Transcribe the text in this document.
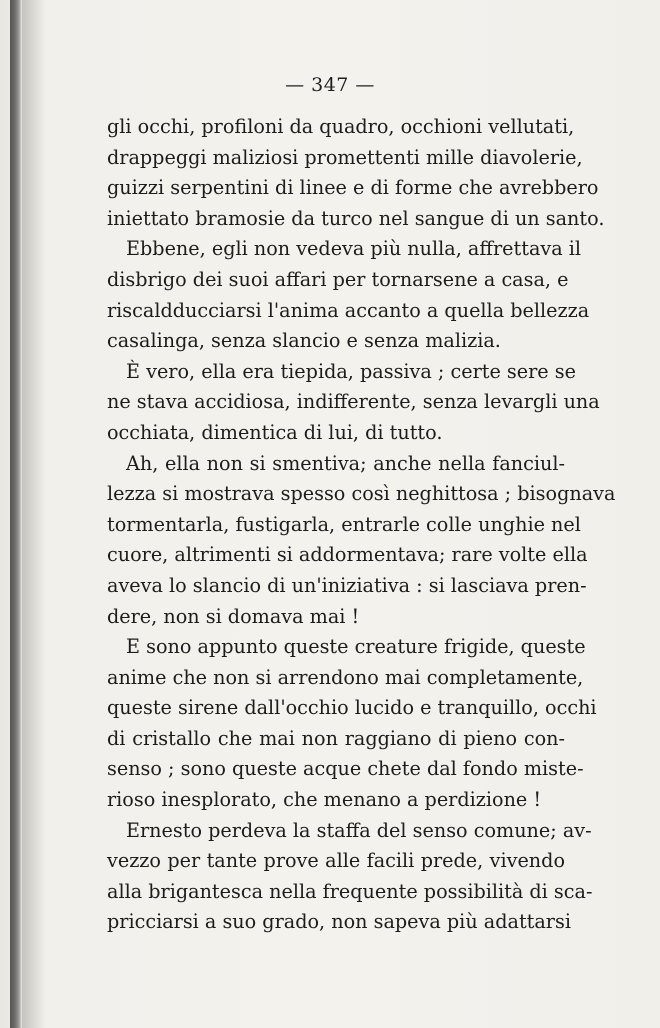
— 347 —
gli occhi, profiloni da quadro, occhioni vellutati,
drappeggi maliziosi promettenti mille diavolerie,
guizzi serpentini di linee e di forme che avrebbero
iniettato bramosie da turco nel sangue di un santo.
Ebbene, egli non vedeva più nulla, affrettava il
disbrigo dei suoi affari per tornarsene a casa, e
riscaldducciarsi l'anima accanto a quella bellezza
casalinga, senza slancio e senza malizia.
È vero, ella era tiepida, passiva ; certe sere se
ne stava accidiosa, indifferente, senza levargli una
occhiata, dimentica di lui, di tutto.
Ah, ella non si smentiva; anche nella fanciul-
lezza si mostrava spesso così neghittosa ; bisognava
tormentarla, fustigarla, entrarle colle unghie nel
cuore, altrimenti si addormentava; rare volte ella
aveva lo slancio di un'iniziativa : si lasciava pren-
dere, non si domava mai !
E sono appunto queste creature frigide, queste
anime che non si arrendono mai completamente,
queste sirene dall'occhio lucido e tranquillo, occhi
di cristallo che mai non raggiano di pieno con-
senso ; sono queste acque chete dal fondo miste-
rioso inesplorato, che menano a perdizione !
Ernesto perdeva la staffa del senso comune; av-
vezzo per tante prove alle facili prede, vivendo
alla brigantesca nella frequente possibilità di sca-
pricciarsi a suo grado, non sapeva più adattarsi
